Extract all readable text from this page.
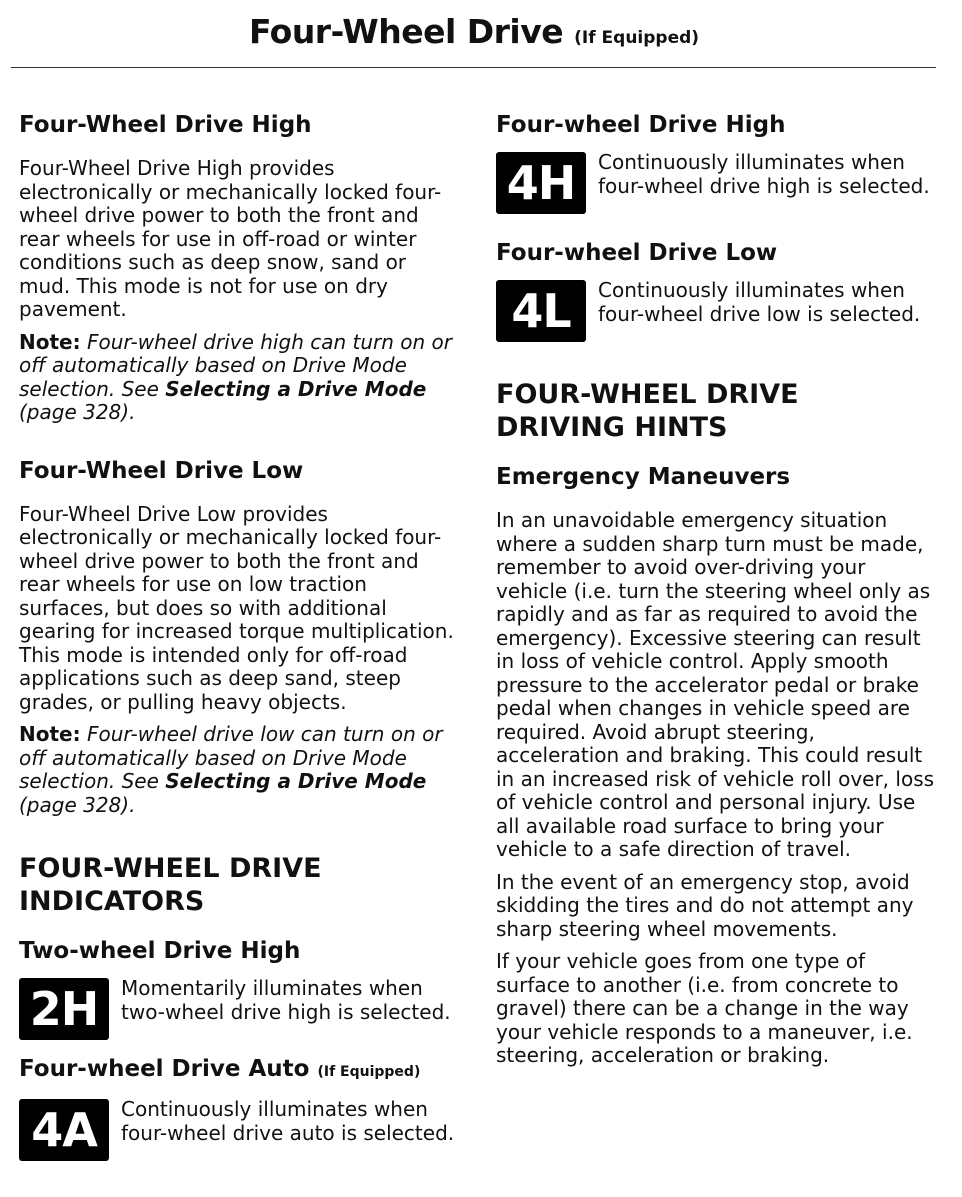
Four-Wheel Drive (If Equipped)
Four-Wheel Drive High

Four-Wheel Drive High provides electronically or mechanically locked four-wheel drive power to both the front and rear wheels for use in off-road or winter conditions such as deep snow, sand or mud. This mode is not for use on dry pavement.

Note: Four-wheel drive high can turn on or off automatically based on Drive Mode selection. See Selecting a Drive Mode (page 328).

Four-Wheel Drive Low

Four-Wheel Drive Low provides electronically or mechanically locked four-wheel drive power to both the front and rear wheels for use on low traction surfaces, but does so with additional gearing for increased torque multiplication. This mode is intended only for off-road applications such as deep sand, steep grades, or pulling heavy objects.

Note: Four-wheel drive low can turn on or off automatically based on Drive Mode selection. See Selecting a Drive Mode (page 328).

FOUR-WHEEL DRIVE INDICATORS
Two-wheel Drive High
2H	Momentarily illuminates when two-wheel drive high is selected.
Four-wheel Drive Auto (If Equipped)
4A	Continuously illuminates when four-wheel drive auto is selected.
Four-wheel Drive High
4H	Continuously illuminates when four-wheel drive high is selected.
Four-wheel Drive Low
4L	Continuously illuminates when four-wheel drive low is selected.
FOUR-WHEEL DRIVE DRIVING HINTS
Emergency Maneuvers

In an unavoidable emergency situation where a sudden sharp turn must be made, remember to avoid over-driving your vehicle (i.e. turn the steering wheel only as rapidly and as far as required to avoid the emergency). Excessive steering can result in loss of vehicle control. Apply smooth pressure to the accelerator pedal or brake pedal when changes in vehicle speed are required. Avoid abrupt steering, acceleration and braking. This could result in an increased risk of vehicle roll over, loss of vehicle control and personal injury. Use all available road surface to bring your vehicle to a safe direction of travel.

In the event of an emergency stop, avoid skidding the tires and do not attempt any sharp steering wheel movements.

If your vehicle goes from one type of surface to another (i.e. from concrete to gravel) there can be a change in the way your vehicle responds to a maneuver, i.e. steering, acceleration or braking.
